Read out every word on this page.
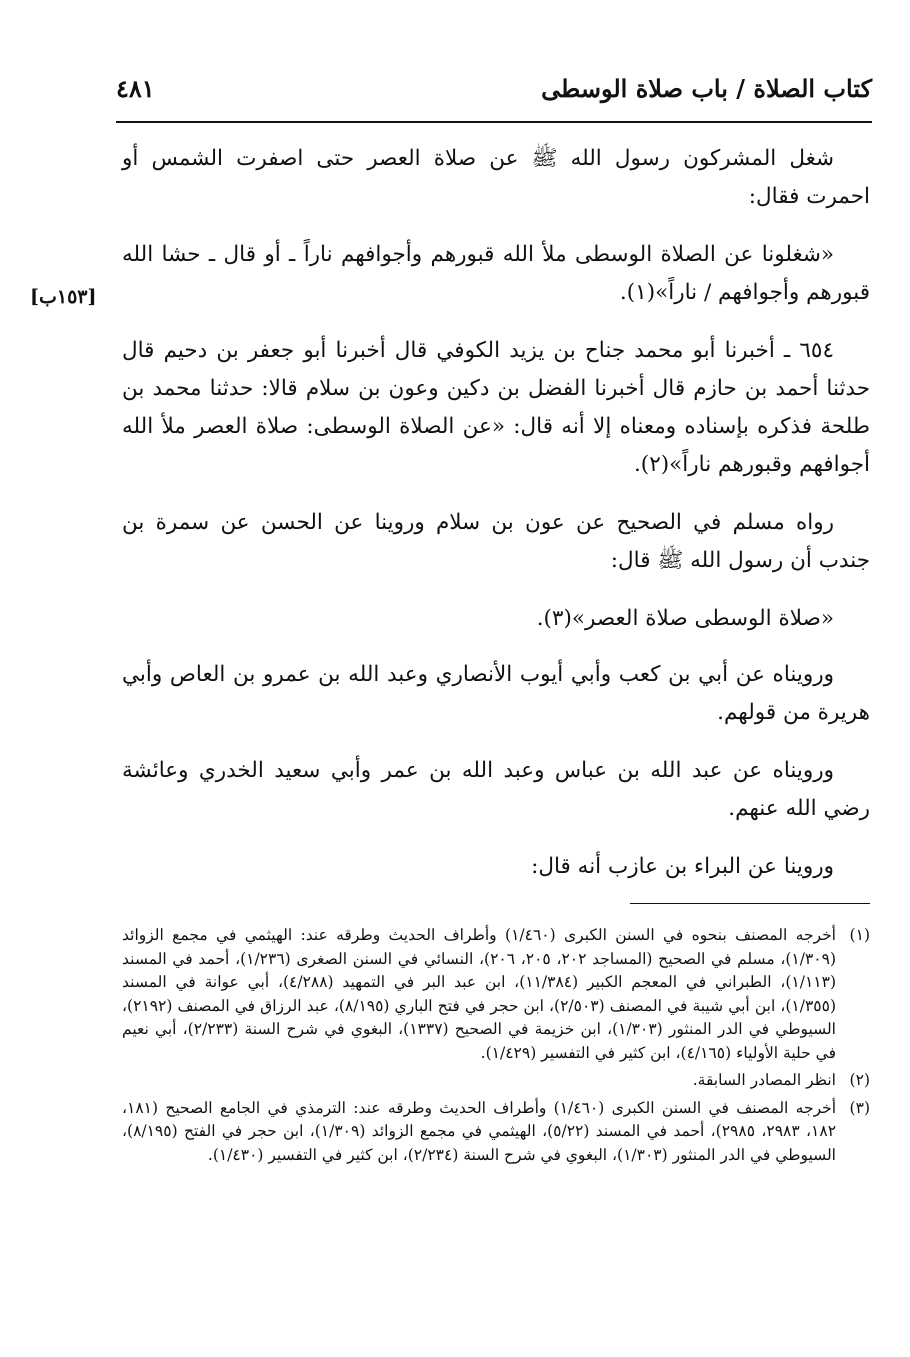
كتاب الصلاة / باب صلاة الوسطى
٤٨١
[١٥٣ب]

شغل المشركون رسول الله ﷺ عن صلاة العصر حتى اصفرت الشمس أو احمرت فقال:

«شغلونا عن الصلاة الوسطى ملأ الله قبورهم وأجوافهم ناراً ـ أو قال ـ حشا الله قبورهم وأجوافهم / ناراً»(١).

٦٥٤ ـ أخبرنا أبو محمد جناح بن يزيد الكوفي قال أخبرنا أبو جعفر بن دحيم قال حدثنا أحمد بن حازم قال أخبرنا الفضل بن دكين وعون بن سلام قالا: حدثنا محمد بن طلحة فذكره بإسناده ومعناه إلا أنه قال: «عن الصلاة الوسطى: صلاة العصر ملأ الله أجوافهم وقبورهم ناراً»(٢).

رواه مسلم في الصحيح عن عون بن سلام وروينا عن الحسن عن سمرة بن جندب أن رسول الله ﷺ قال:

«صلاة الوسطى صلاة العصر»(٣).

ورويناه عن أبي بن كعب وأبي أيوب الأنصاري وعبد الله بن عمرو بن العاص وأبي هريرة من قولهم.

ورويناه عن عبد الله بن عباس وعبد الله بن عمر وأبي سعيد الخدري وعائشة رضي الله عنهم.

وروينا عن البراء بن عازب أنه قال:

(١)
أخرجه المصنف بنحوه في السنن الكبرى (١/٤٦٠) وأطراف الحديث وطرقه عند: الهيثمي في مجمع الزوائد (١/٣٠٩)، مسلم في الصحيح (المساجد ٢٠٢، ٢٠٥، ٢٠٦)، النسائي في السنن الصغرى (١/٢٣٦)، أحمد في المسند (١/١١٣)، الطبراني في المعجم الكبير (١١/٣٨٤)، ابن عبد البر في التمهيد (٤/٢٨٨)، أبي عوانة في المسند (١/٣٥٥)، ابن أبي شيبة في المصنف (٢/٥٠٣)، ابن حجر في فتح الباري (٨/١٩٥)، عبد الرزاق في المصنف (٢١٩٢)، السيوطي في الدر المنثور (١/٣٠٣)، ابن خزيمة في الصحيح (١٣٣٧)، البغوي في شرح السنة (٢/٢٣٣)، أبي نعيم في حلية الأولياء (٤/١٦٥)، ابن كثير في التفسير (١/٤٢٩).
(٢)
انظر المصادر السابقة.
(٣)
أخرجه المصنف في السنن الكبرى (١/٤٦٠) وأطراف الحديث وطرقه عند: الترمذي في الجامع الصحيح (١٨١، ١٨٢، ٢٩٨٣، ٢٩٨٥)، أحمد في المسند (٥/٢٢)، الهيثمي في مجمع الزوائد (١/٣٠٩)، ابن حجر في الفتح (٨/١٩٥)، السيوطي في الدر المنثور (١/٣٠٣)، البغوي في شرح السنة (٢/٢٣٤)، ابن كثير في التفسير (١/٤٣٠).
